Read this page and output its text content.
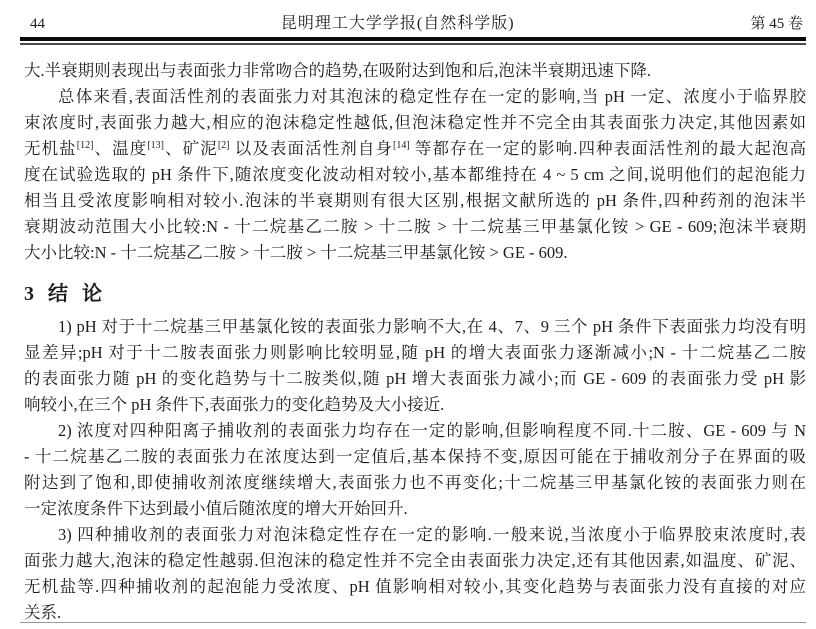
44	昆明理工大学学报(自然科学版)	第 45 卷
大.半衰期则表现出与表面张力非常吻合的趋势,在吸附达到饱和后,泡沫半衰期迅速下降.
总体来看,表面活性剂的表面张力对其泡沫的稳定性存在一定的影响,当 pH 一定、浓度小于临界胶
束浓度时,表面张力越大,相应的泡沫稳定性越低,但泡沫稳定性并不完全由其表面张力决定,其他因素如
无机盐[12]、温度[13]、矿泥[2] 以及表面活性剂自身[14] 等都存在一定的影响.四种表面活性剂的最大起泡高
度在试验选取的 pH 条件下,随浓度变化波动相对较小,基本都维持在 4 ~ 5 cm 之间,说明他们的起泡能力
相当且受浓度影响相对较小.泡沫的半衰期则有很大区别,根据文献所选的 pH 条件,四种药剂的泡沫半
衰期波动范围大小比较:N - 十二烷基乙二胺 > 十二胺 > 十二烷基三甲基氯化铵 > GE - 609;泡沫半衰期
大小比较:N - 十二烷基乙二胺 > 十二胺 > 十二烷基三甲基氯化铵 > GE - 609.
3 结 论
1) pH 对于十二烷基三甲基氯化铵的表面张力影响不大,在 4、7、9 三个 pH 条件下表面张力均没有明
显差异;pH 对于十二胺表面张力则影响比较明显,随 pH 的增大表面张力逐渐减小;N - 十二烷基乙二胺
的表面张力随 pH 的变化趋势与十二胺类似,随 pH 增大表面张力减小;而 GE - 609 的表面张力受 pH 影
响较小,在三个 pH 条件下,表面张力的变化趋势及大小接近.
2) 浓度对四种阳离子捕收剂的表面张力均存在一定的影响,但影响程度不同.十二胺、GE - 609 与 N
- 十二烷基乙二胺的表面张力在浓度达到一定值后,基本保持不变,原因可能在于捕收剂分子在界面的吸
附达到了饱和,即使捕收剂浓度继续增大,表面张力也不再变化;十二烷基三甲基氯化铵的表面张力则在
一定浓度条件下达到最小值后随浓度的增大开始回升.
3) 四种捕收剂的表面张力对泡沫稳定性存在一定的影响.一般来说,当浓度小于临界胶束浓度时,表
面张力越大,泡沫的稳定性越弱.但泡沫的稳定性并不完全由表面张力决定,还有其他因素,如温度、矿泥、
无机盐等.四种捕收剂的起泡能力受浓度、pH 值影响相对较小,其变化趋势与表面张力没有直接的对应
关系.
